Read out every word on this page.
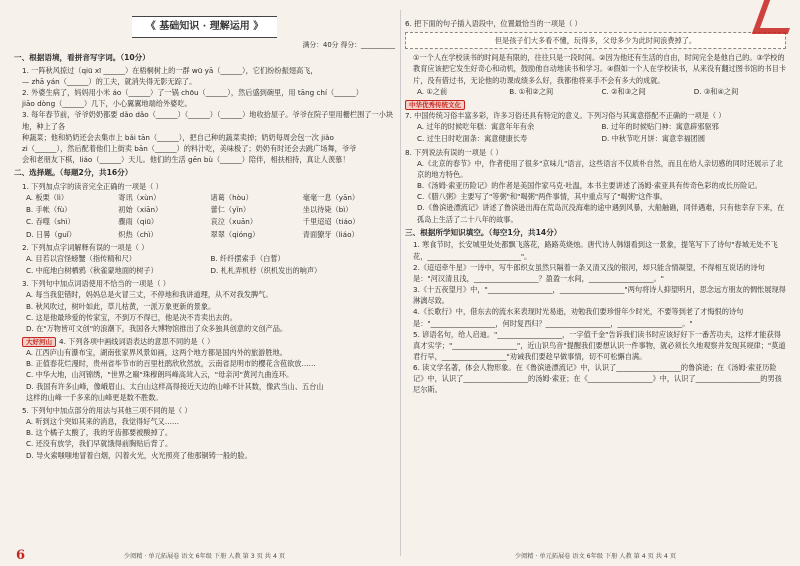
《 基础知识 · 理解运用 》
满分：40分 得分：__________
一、根据语境，看拼音写字词。（10分）

1. 一阵秋风掠过（qiū xī ______）在梧桐树上的一群 wū yā（______），它们纷纷振翅高飞，

— zhā yán（______）的工夫，就消失得无影无踪了。

2. 外婆生病了，妈妈用小米 áo（______）了一锅 chōu（______），然后盛到碗里，用 tāng chí（______）

jiāo dòng（______）几下，小心翼翼地端给外婆吃。

3. 每年春节前，爷爷奶奶都要 dǎo dǎo（______）（______）（______）地收拾屋子。爷爷在院子里用栅栏围了一小块地，种上了各

种蔬菜；他和奶奶还会去集市上 bǎi tān（______），把自己种的蔬菜卖掉；奶奶每周会包一次 jiǎo

zi（______），然后配着他们上街卖 bān（______）的料汁吃，美味极了；奶奶有时还会去跳广场舞，爷爷

会和老朋友下棋，liáo（______）天儿。他们的生活 gēn bù（______）陪伴，相扶相持，真让人羡慕！

二、选择题。（每题2分，共16分）
1. 下列加点字的读音完全正确的一项是（ ）
A. 板栗（lì）	寄讯（xùn）	诸葛（hòu）	毫毫一息（yān）
B. 手帐（fù）	初始（xiān）	蕾仁（yǐn）	坐以待毙（bì）
C. 吞噬（shì）	骤雨（qiū）	哀泣（xuān）	千里迢迢（tiáo）
D. 日晷（guǐ）	炽热（chì）	翠翠（qióng）	青面獠牙（liáo）
2. 下列加点字词解释有误的一项是（ ）
A. 目若以宫怪螃蟹（指传精和尺）	B. 纤纤摆索手（白皙）
C. 中庭地白树栖鸦（秋雀蒙地面的树子）	D. 札札弄机杼（织机发出的响声）
3. 下列句中加点词语使用不恰当的一项是（ ）

A. 每当我犯错时，妈妈总是火冒三丈，不停地和我讲道理，从不对我发脾气。

B. 秋风吹过，树叶如此，草儿枯黄，一派万象更新的景象。

C. 这是他最珍爱的传家宝，不到万不得已，他是决不肯卖出去的。

D. 在"万物皆可文创"的浪潮下，我国各大博物馆推出了众多独具创意的文创产品。

大好河山 4. 下列各项中画线词语表达的意思不同的是（ ）

A. 江西庐山有瀑布宝，湖南张家界风景如画，这两个地方都是国内外的旅游胜地。

B. 正值春花烂漫时，贵州省毕节市的百里杜鹃欣欣然放，云南省昆明市的樱花含苞欲放……

C. 中华大地，山河锦绣，"世界之巅"珠穆朗玛峰高耸入云，"母亲河"黄河九曲连环。

D. 我国有许多山峰，像峨眉山、太白山这样高得接近天边的山峰不计其数，像武当山、五台山

这样的山峰一千多来的山峰更是数不胜数。

5. 下列句中加点部分的用法与其他三项不同的是（ ）

A. 听到这个突如其来的消息，我觉得好气又……

B. 这个橘子太酸了，我的牙齿都要被酸掉了。

C. 还没有放学，我们早就饿得前胸贴后背了。

D. 导火索嗤嗤地冒着白烟，闪着火光，火光照亮了他那铜铸一般的脸。

6	少阅精 · 单元拓展卷 语文 6年级 下册 人教 第 3 页 共 4 页
6. 把下面的句子插入语段中，位置最恰当的一项是（ ）
但是孩子们大多看不懂，玩得多，父母多少为此时间浪费掉了。

①一个人在学校读书的时间是有限的，往往只是一段时间。②因为他还有生活的自由，时间完全是他自己的。③学校的教育应该把它发生好奇心和动机，鼓励他自动地读书和学习。④假如一个人在学校读书，从来没有翻过图书馆的书目卡片，没有借过书，无论他的功课成绩多么好，我都他将来手不会有多大的成就。

A. ①之前	B. ①和②之间	C. ②和③之间	D. ③和④之间
中华优秀传统文化7. 中国传统习俗丰富多彩，许多习俗还具有特定的意义。下列习俗与其寓意搭配不正确的一项是（ ）
A. 过年的时候吃年糕：寓意年年有余	B. 过年的时候贴门神：寓意辟邪驱邪
C. 过生日时吃面条：寓意健康长寿	D. 中秋节吃月饼：寓意幸福团圆
8. 下列说法有误的一项是（ ）

A.《北京的春节》中，作者使用了很多"京味儿"语言，这些语言不仅质朴自然，而且在给人亲切感的同时还展示了北京的地方特色。

B.《汤姆·索亚历险记》的作者是美国作家马克·吐温，本书主要讲述了汤姆·索亚具有传奇色彩的成长历险记。

C.《腊八粥》主要写了"等粥"和"喝粥"两件事情，其中重点写了"喝粥"这件事。

D.《鲁滨逊漂流记》讲述了鲁滨逊出海在荒岛沉没海难的途中遇到风暴，大船触礁，同伴遇难，只有他幸存下来，在孤岛上生活了二十八年的故事。

三、根据所学知识填空。（每空1分，共14分）

1. 寒食节时，长安城里处处都飘飞落花，路路英烧烛。唐代诗人韩翃看到这一景象，提笔写下了诗句"春城无处不飞花，__________________________"。

2.《迢迢牵牛星》一诗中，写牛郎织女虽然只隔着一条又清又浅的银河，却只能含情凝望，不得相互说话的诗句是："河汉清且浅，__________________？盈盈一水间，__________________。"

3.《十五夜望月》中，"__________________，__________________"两句将诗人抑望明月，思念远方朋友的惆怅展现得淋漓尽致。

4.《长歌行》中，借东去的流水来表现时光易逝，劝勉我们要珍惜年少时光，不要等到老了才悔恨的诗句是："__________________，何时复西归？__________________，__________________。"

5. 谚语名句，给人启迪。"__________________，一字值千金"告诉我们读书时应该好好下一番苦功夫，这样才能获得真才实学；"__________________"，近山识鸟音"提醒我们要想认识一件事物，就必须长久地观察并发现其规律；"莫道君行早，__________________"劝诫我们要趁早做事情，切不可松懈自满。

6. 读文学名著，体会人物形象。在《鲁滨逊漂流记》中，认识了__________________的鲁滨逊；在《汤姆·索亚历险记》中，认识了__________________的汤姆·索亚；在《__________________》中，认识了__________________的男孩尼尔斯。

少阅精 · 单元拓展卷 语文 6年级 下册 人教 第 4 页 共 4 页
